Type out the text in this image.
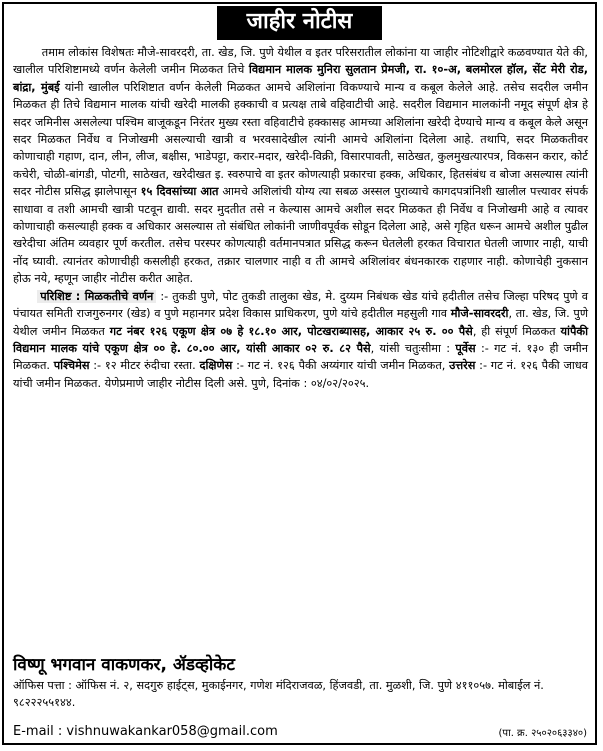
जाहीर नोटीस

तमाम लोकांस विशेषतः मौजे-सावरदरी, ता. खेड, जि. पुणे येथील व इतर परिसरातील लोकांना या जाहीर नोटिशीद्वारे कळवण्यात येते की, खालील परिशिष्टामध्ये वर्णन केलेली जमीन मिळकत तिचे विद्यमान मालक मुनिरा सुलतान प्रेमजी, रा. १०-अ, बलमोरल हॉल, सेंट मेरी रोड, बांद्रा, मुंबई यांनी खालील परिशिष्टात वर्णन केलेली मिळकत आमचे अशिलांना विकण्याचे मान्य व कबूल केलेले आहे. तसेच सदरील जमीन मिळकत ही तिचे विद्यमान मालक यांची खरेदी मालकी हक्काची व प्रत्यक्ष ताबे वहिवाटीची आहे. सदरील विद्यमान मालकांनी नमूद संपूर्ण क्षेत्र हे सदर जमिनीस असलेल्या पश्चिम बाजूकडून निरंतर मुख्य रस्ता वहिवाटीचे हक्कासह आमच्या अशिलांना खरेदी देण्याचे मान्य व कबूल केले असून सदर मिळकत निर्वेध व निजोखमी असल्याची खात्री व भरवसादेखील त्यांनी आमचे अशिलांना दिलेला आहे. तथापि, सदर मिळकतीवर कोणाचाही गहाण, दान, लीन, लीज, बक्षीस, भाडेपट्टा, करार-मदार, खरेदी-विक्री, विसारपावती, साठेखत, कुलमुखत्यारपत्र, विकसन करार, कोर्ट कचेरी, चोळी-बांगडी, पोटगी, साठेखत, खरेदीखत इ. स्वरुपाचे वा इतर कोणत्याही प्रकारचा हक्क, अधिकार, हितसंबंध व बोजा असल्यास त्यांनी सदर नोटीस प्रसिद्ध झालेपासून १५ दिवसांच्या आत आमचे अशिलांची योग्य त्या सबळ अस्सल पुराव्याचे कागदपत्रांनिशी खालील पत्त्यावर संपर्क साधावा व तशी आमची खात्री पटवून द्यावी. सदर मुदतीत तसे न केल्यास आमचे अशील सदर मिळकत ही निर्वेध व निजोखमी आहे व त्यावर कोणाचाही कसल्याही हक्क व अधिकार असल्यास तो संबंधित लोकांनी जाणीवपूर्वक सोडून दिलेला आहे, असे गृहित धरून आमचे अशील पुढील खरेदीचा अंतिम व्यवहार पूर्ण करतील. तसेच परस्पर कोणत्याही वर्तमानपत्रात प्रसिद्ध करून घेतलेली हरकत विचारात घेतली जाणार नाही, याची नोंद घ्यावी. त्यानंतर कोणाचीही कसलीही हरकत, तक्रार चालणार नाही व ती आमचे अशिलांवर बंधनकारक राहणार नाही. कोणाचेही नुकसान होऊ नये, म्हणून जाहीर नोटीस करीत आहेत.

परिशिष्ट : मिळकतीचे वर्णन :- तुकडी पुणे, पोट तुकडी तालुका खेड, मे. दुय्यम निबंधक खेड यांचे हदीतील तसेच जिल्हा परिषद पुणे व पंचायत समिती राजगुरुनगर (खेड) व पुणे महानगर प्रदेश विकास प्राधिकरण, पुणे यांचे हदीतील महसुली गाव मौजे-सावरदरी, ता. खेड, जि. पुणे येथील जमीन मिळकत गट नंबर १२६ एकूण क्षेत्र ०७ हे १८.१० आर, पोटखराब्यासह, आकार २५ रु. ०० पैसे, ही संपूर्ण मिळकत यांपैकी विद्यमान मालक यांचे एकूण क्षेत्र ०० हे. ८०.०० आर, यांसी आकार ०२ रु. ८२ पैसे, यांसी चतुःसीमा : पूर्वेस :- गट नं. १३० ही जमीन मिळकत. पश्चिमेस :- १२ मीटर रुंदीचा रस्ता. दक्षिणेस :- गट नं. १२६ पैकी अय्यंगार यांची जमीन मिळकत, उत्तरेस :- गट नं. १२६ पैकी जाधव यांची जमीन मिळकत. येणेप्रमाणे जाहीर नोटीस दिली असे. पुणे, दिनांक : ०४/०२/२०२५.

विष्णू भगवान वाकणकर, ॲडव्होकेट

ऑफिस पत्ता : ऑफिस नं. २, सदगुरु हाईट्स, मुकाईनगर, गणेश मंदिराजवळ, हिंजवडी, ता. मुळशी, जि. पुणे ४११०५७. मोबाईल नं. ९८२२२५५१४४.

E-mail : vishnuwakankar058@gmail.com	(पा. क्र. २५०२०६३३४०)
